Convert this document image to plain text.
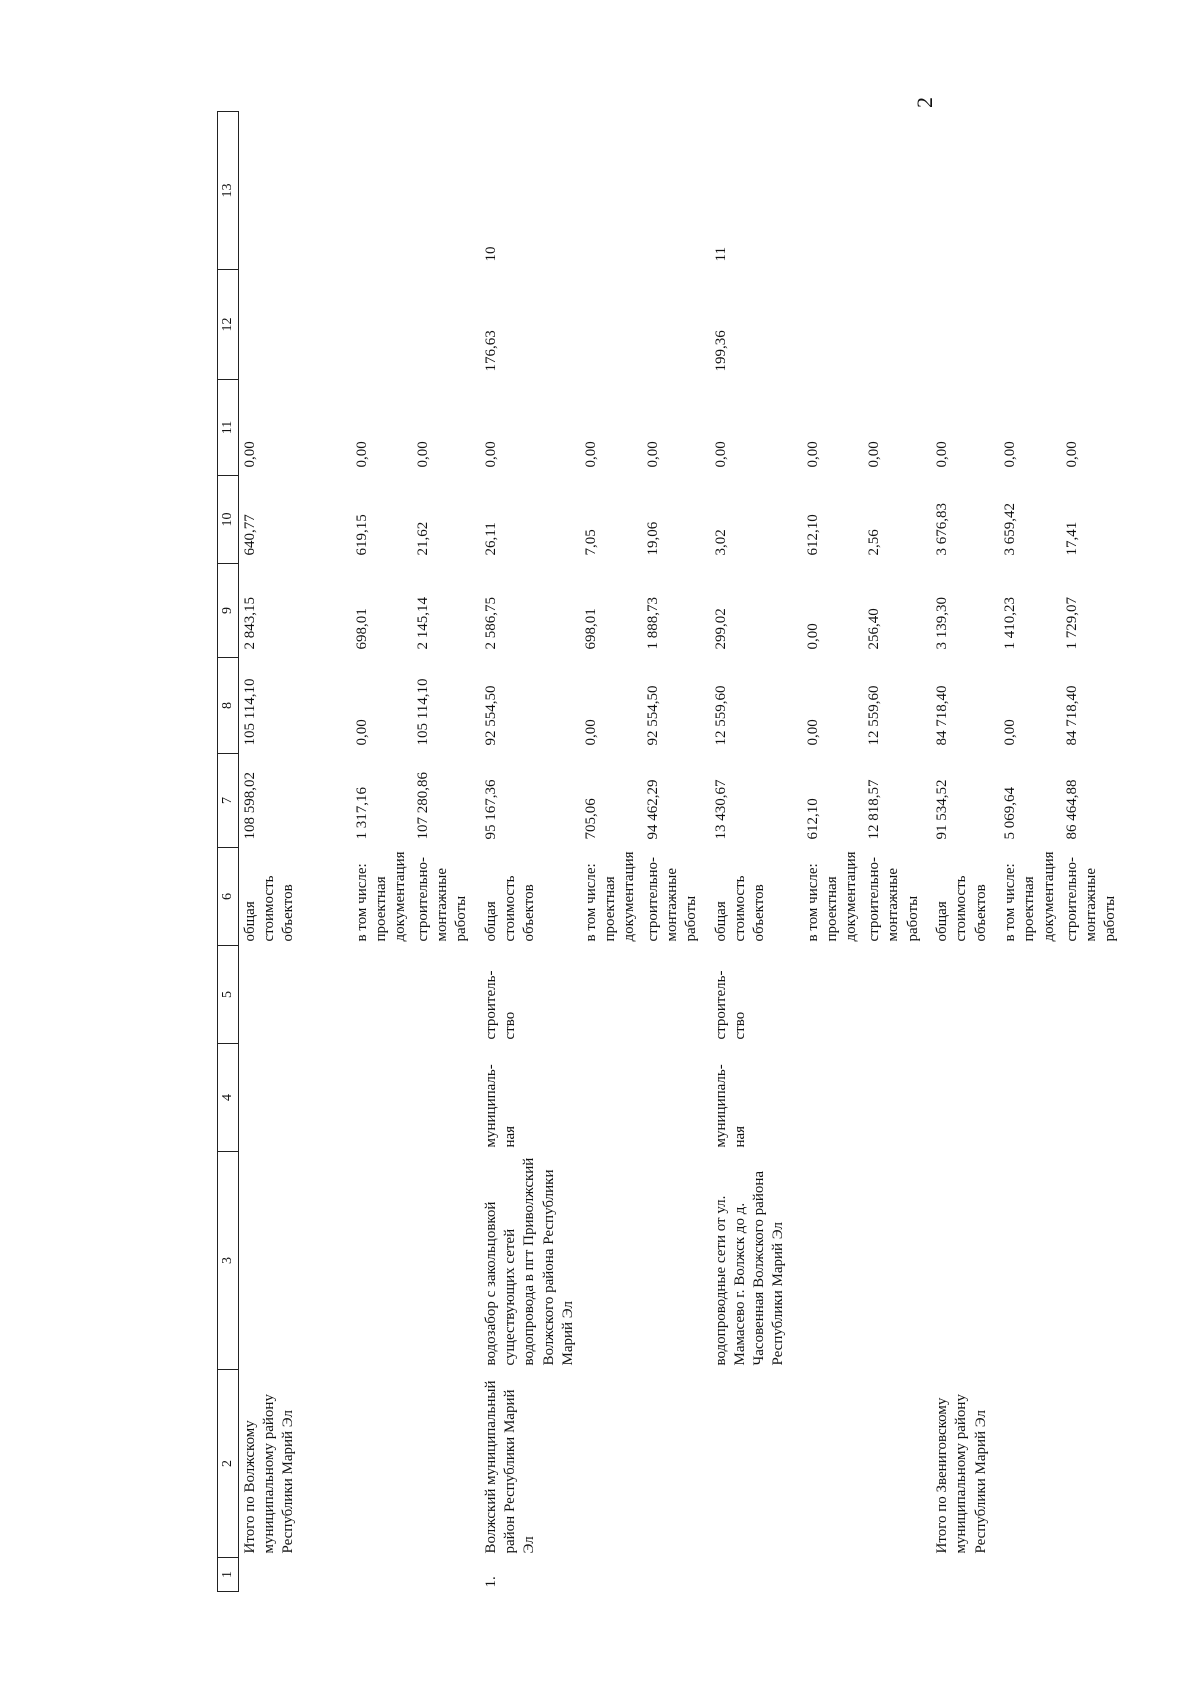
2
1	2	3	4	5	6	7	8	9	10	11	12	13
	Итого по Волжскому муниципальному району Республики Марий Эл				общая стоимость объектов	108 598,02	105 114,10	2 843,15	640,77	0,00		
					в том числе: проектная документация	1 317,16	0,00	698,01	619,15	0,00		
					строительно-монтажные работы	107 280,86	105 114,10	2 145,14	21,62	0,00		
1.	Волжский муниципальный район Республики Марий Эл	водозабор с закольцовкой существующих сетей водопровода в пгт Приволжский Волжского района Республики Марий Эл	муниципаль-ная	строитель-ство	общая стоимость объектов	95 167,36	92 554,50	2 586,75	26,11	0,00	176,63	10
					в том числе: проектная документация	705,06	0,00	698,01	7,05	0,00		
					строительно-монтажные работы	94 462,29	92 554,50	1 888,73	19,06	0,00		
		водопроводные сети от ул. Мамасево г. Волжск до д. Часовенная Волжского района Республики Марий Эл	муниципаль-ная	строитель-ство	общая стоимость объектов	13 430,67	12 559,60	299,02	3,02	0,00	199,36	11
					в том числе: проектная документация	612,10	0,00	0,00	612,10	0,00		
					строительно-монтажные работы	12 818,57	12 559,60	256,40	2,56	0,00		
	Итого по Звениговскому муниципальному району Республики Марий Эл				общая стоимость объектов	91 534,52	84 718,40	3 139,30	3 676,83	0,00		
					в том числе: проектная документация	5 069,64	0,00	1 410,23	3 659,42	0,00		
					строительно-монтажные работы	86 464,88	84 718,40	1 729,07	17,41	0,00		
